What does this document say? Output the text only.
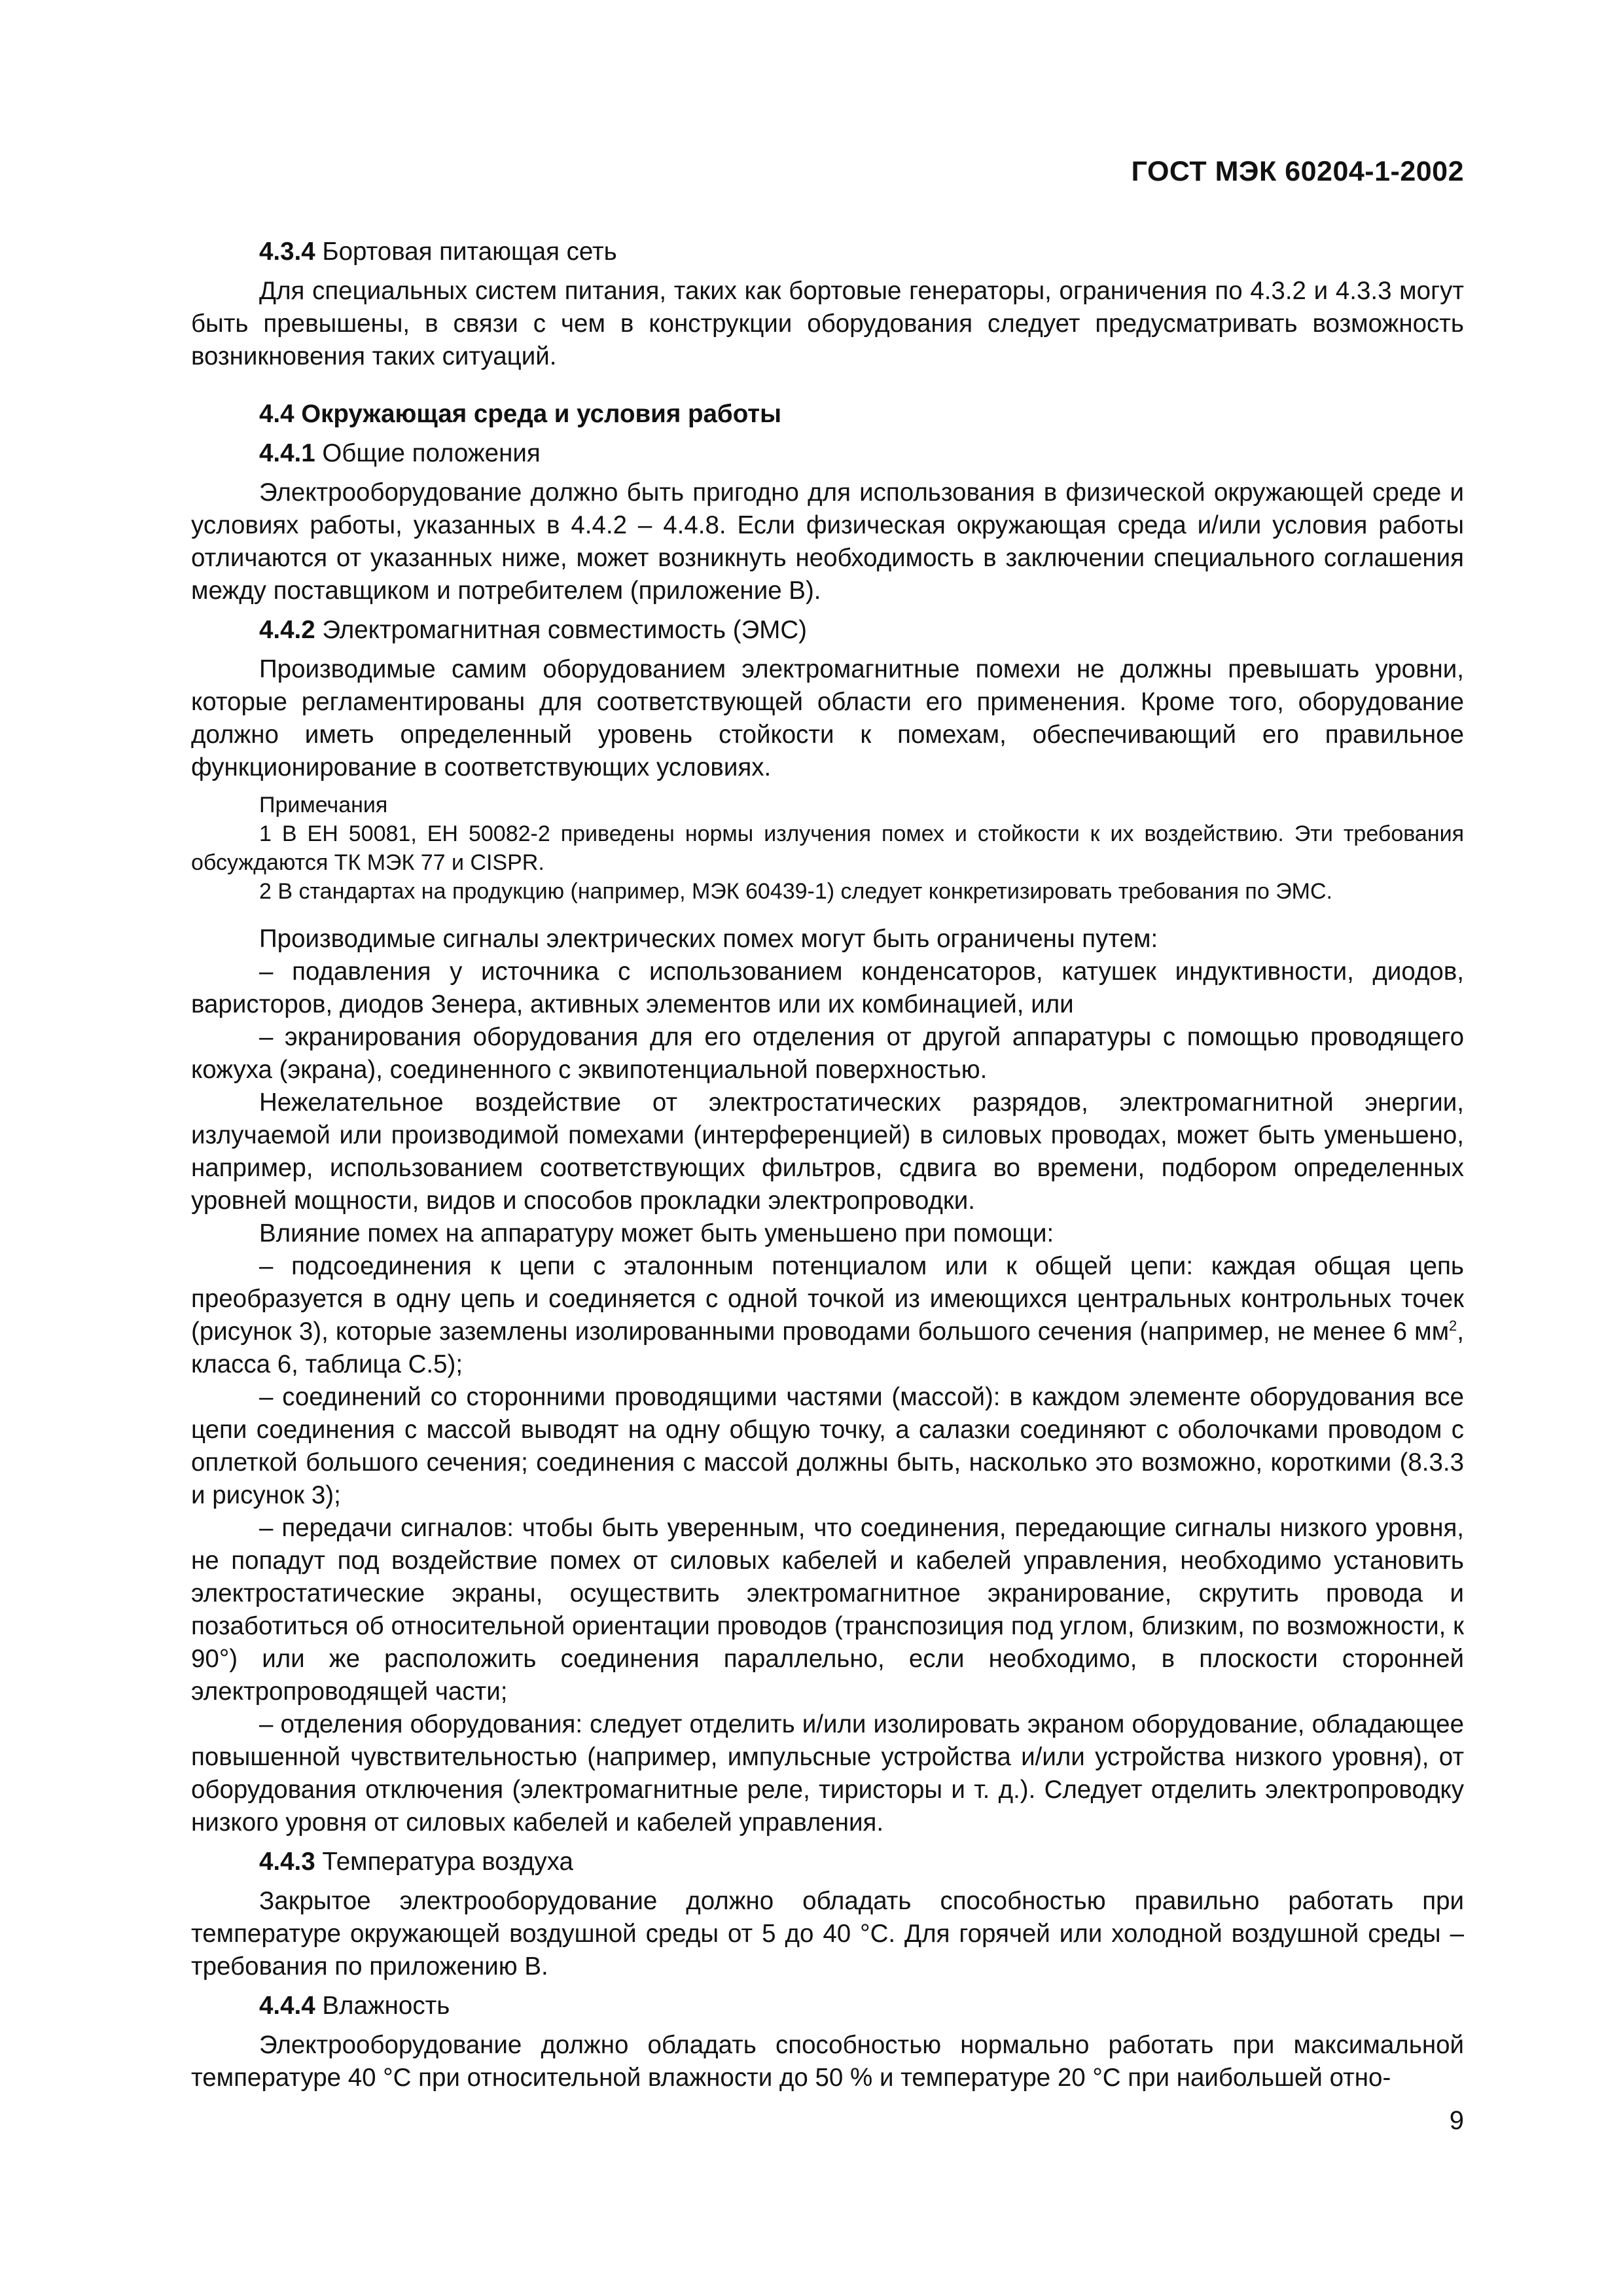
ГОСТ МЭК 60204-1-2002

4.3.4 Бортовая питающая сеть

Для специальных систем питания, таких как бортовые генераторы, ограничения по 4.3.2 и 4.3.3 могут быть превышены, в связи с чем в конструкции оборудования следует предусматривать возможность возникновения таких ситуаций.

4.4 Окружающая среда и условия работы

4.4.1 Общие положения

Электрооборудование должно быть пригодно для использования в физической окружающей среде и условиях работы, указанных в 4.4.2 – 4.4.8. Если физическая окружающая среда и/или условия работы отличаются от указанных ниже, может возникнуть необходимость в заключении специального соглашения между поставщиком и потребителем (приложение В).

4.4.2 Электромагнитная совместимость (ЭМС)

Производимые самим оборудованием электромагнитные помехи не должны превышать уровни, которые регламентированы для соответствующей области его применения. Кроме того, оборудование должно иметь определенный уровень стойкости к помехам, обеспечивающий его правильное функционирование в соответствующих условиях.

Примечания

1 В ЕН 50081, ЕН 50082-2 приведены нормы излучения помех и стойкости к их воздействию. Эти требования обсуждаются ТК МЭК 77 и CISPR.

2 В стандартах на продукцию (например, МЭК 60439-1) следует конкретизировать требования по ЭМС.

Производимые сигналы электрических помех могут быть ограничены путем:

– подавления у источника с использованием конденсаторов, катушек индуктивности, диодов, варисторов, диодов Зенера, активных элементов или их комбинацией, или

– экранирования оборудования для его отделения от другой аппаратуры с помощью проводящего кожуха (экрана), соединенного с эквипотенциальной поверхностью.

Нежелательное воздействие от электростатических разрядов, электромагнитной энергии, излучаемой или производимой помехами (интерференцией) в силовых проводах, может быть уменьшено, например, использованием соответствующих фильтров, сдвига во времени, подбором определенных уровней мощности, видов и способов прокладки электропроводки.

Влияние помех на аппаратуру может быть уменьшено при помощи:

– подсоединения к цепи с эталонным потенциалом или к общей цепи: каждая общая цепь преобразуется в одну цепь и соединяется с одной точкой из имеющихся центральных контрольных точек (рисунок 3), которые заземлены изолированными проводами большого сечения (например, не менее 6 $мм^2$, класса 6, таблица С.5);

– соединений со сторонними проводящими частями (массой): в каждом элементе оборудования все цепи соединения с массой выводят на одну общую точку, а салазки соединяют с оболочками проводом с оплеткой большого сечения; соединения с массой должны быть, насколько это возможно, короткими (8.3.3 и рисунок 3);

– передачи сигналов: чтобы быть уверенным, что соединения, передающие сигналы низкого уровня, не попадут под воздействие помех от силовых кабелей и кабелей управления, необходимо установить электростатические экраны, осуществить электромагнитное экранирование, скрутить провода и позаботиться об относительной ориентации проводов (транспозиция под углом, близким, по возможности, к 90°) или же расположить соединения параллельно, если необходимо, в плоскости сторонней электропроводящей части;

– отделения оборудования: следует отделить и/или изолировать экраном оборудование, обладающее повышенной чувствительностью (например, импульсные устройства и/или устройства низкого уровня), от оборудования отключения (электромагнитные реле, тиристоры и т. д.). Следует отделить электропроводку низкого уровня от силовых кабелей и кабелей управления.

4.4.3 Температура воздуха

Закрытое электрооборудование должно обладать способностью правильно работать при температуре окружающей воздушной среды от 5 до 40 °С. Для горячей или холодной воздушной среды – требования по приложению В.

4.4.4 Влажность

Электрооборудование должно обладать способностью нормально работать при максимальной температуре 40 °С при относительной влажности до 50 % и температуре 20 °С при наибольшей отно-

9
